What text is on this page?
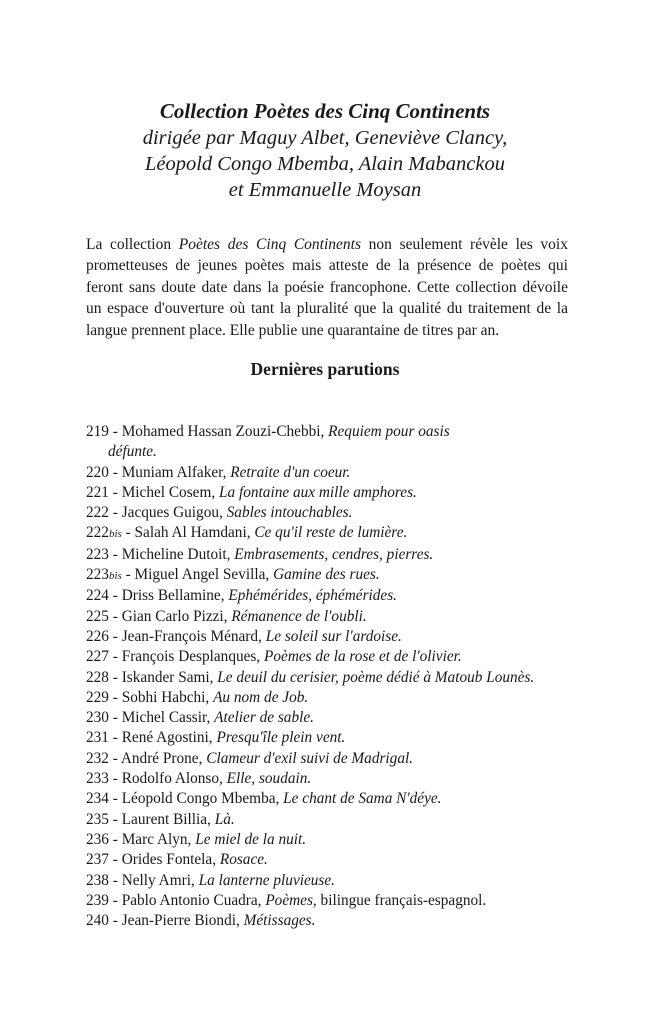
Collection Poètes des Cinq Continents
dirigée par Maguy Albet, Geneviève Clancy,
Léopold Congo Mbemba, Alain Mabanckou
et Emmanuelle Moysan

La collection Poètes des Cinq Continents non seulement révèle les voix prometteuses de jeunes poètes mais atteste de la présence de poètes qui feront sans doute date dans la poésie francophone. Cette collection dévoile un espace d'ouverture où tant la pluralité que la qualité du traitement de la langue prennent place. Elle publie une quarantaine de titres par an.

Dernières parutions
219 - Mohamed Hassan Zouzi-Chebbi, Requiem pour oasis
défunte.
220 - Muniam Alfaker, Retraite d'un coeur.
221 - Michel Cosem, La fontaine aux mille amphores.
222 - Jacques Guigou, Sables intouchables.
222bis - Salah Al Hamdani, Ce qu'il reste de lumière.
223 - Micheline Dutoit, Embrasements, cendres, pierres.
223bis - Miguel Angel Sevilla, Gamine des rues.
224 - Driss Bellamine, Ephémérides, éphémérides.
225 - Gian Carlo Pizzi, Rémanence de l'oubli.
226 - Jean-François Ménard, Le soleil sur l'ardoise.
227 - François Desplanques, Poèmes de la rose et de l'olivier.
228 - Iskander Sami, Le deuil du cerisier, poème dédié à Matoub Lounès.
229 - Sobhi Habchi, Au nom de Job.
230 - Michel Cassir, Atelier de sable.
231 - René Agostini, Presqu'île plein vent.
232 - André Prone, Clameur d'exil suivi de Madrigal.
233 - Rodolfo Alonso, Elle, soudain.
234 - Léopold Congo Mbemba, Le chant de Sama N'déye.
235 - Laurent Billia, Là.
236 - Marc Alyn, Le miel de la nuit.
237 - Orides Fontela, Rosace.
238 - Nelly Amri, La lanterne pluvieuse.
239 - Pablo Antonio Cuadra, Poèmes, bilingue français-espagnol.
240 - Jean-Pierre Biondi, Métissages.
